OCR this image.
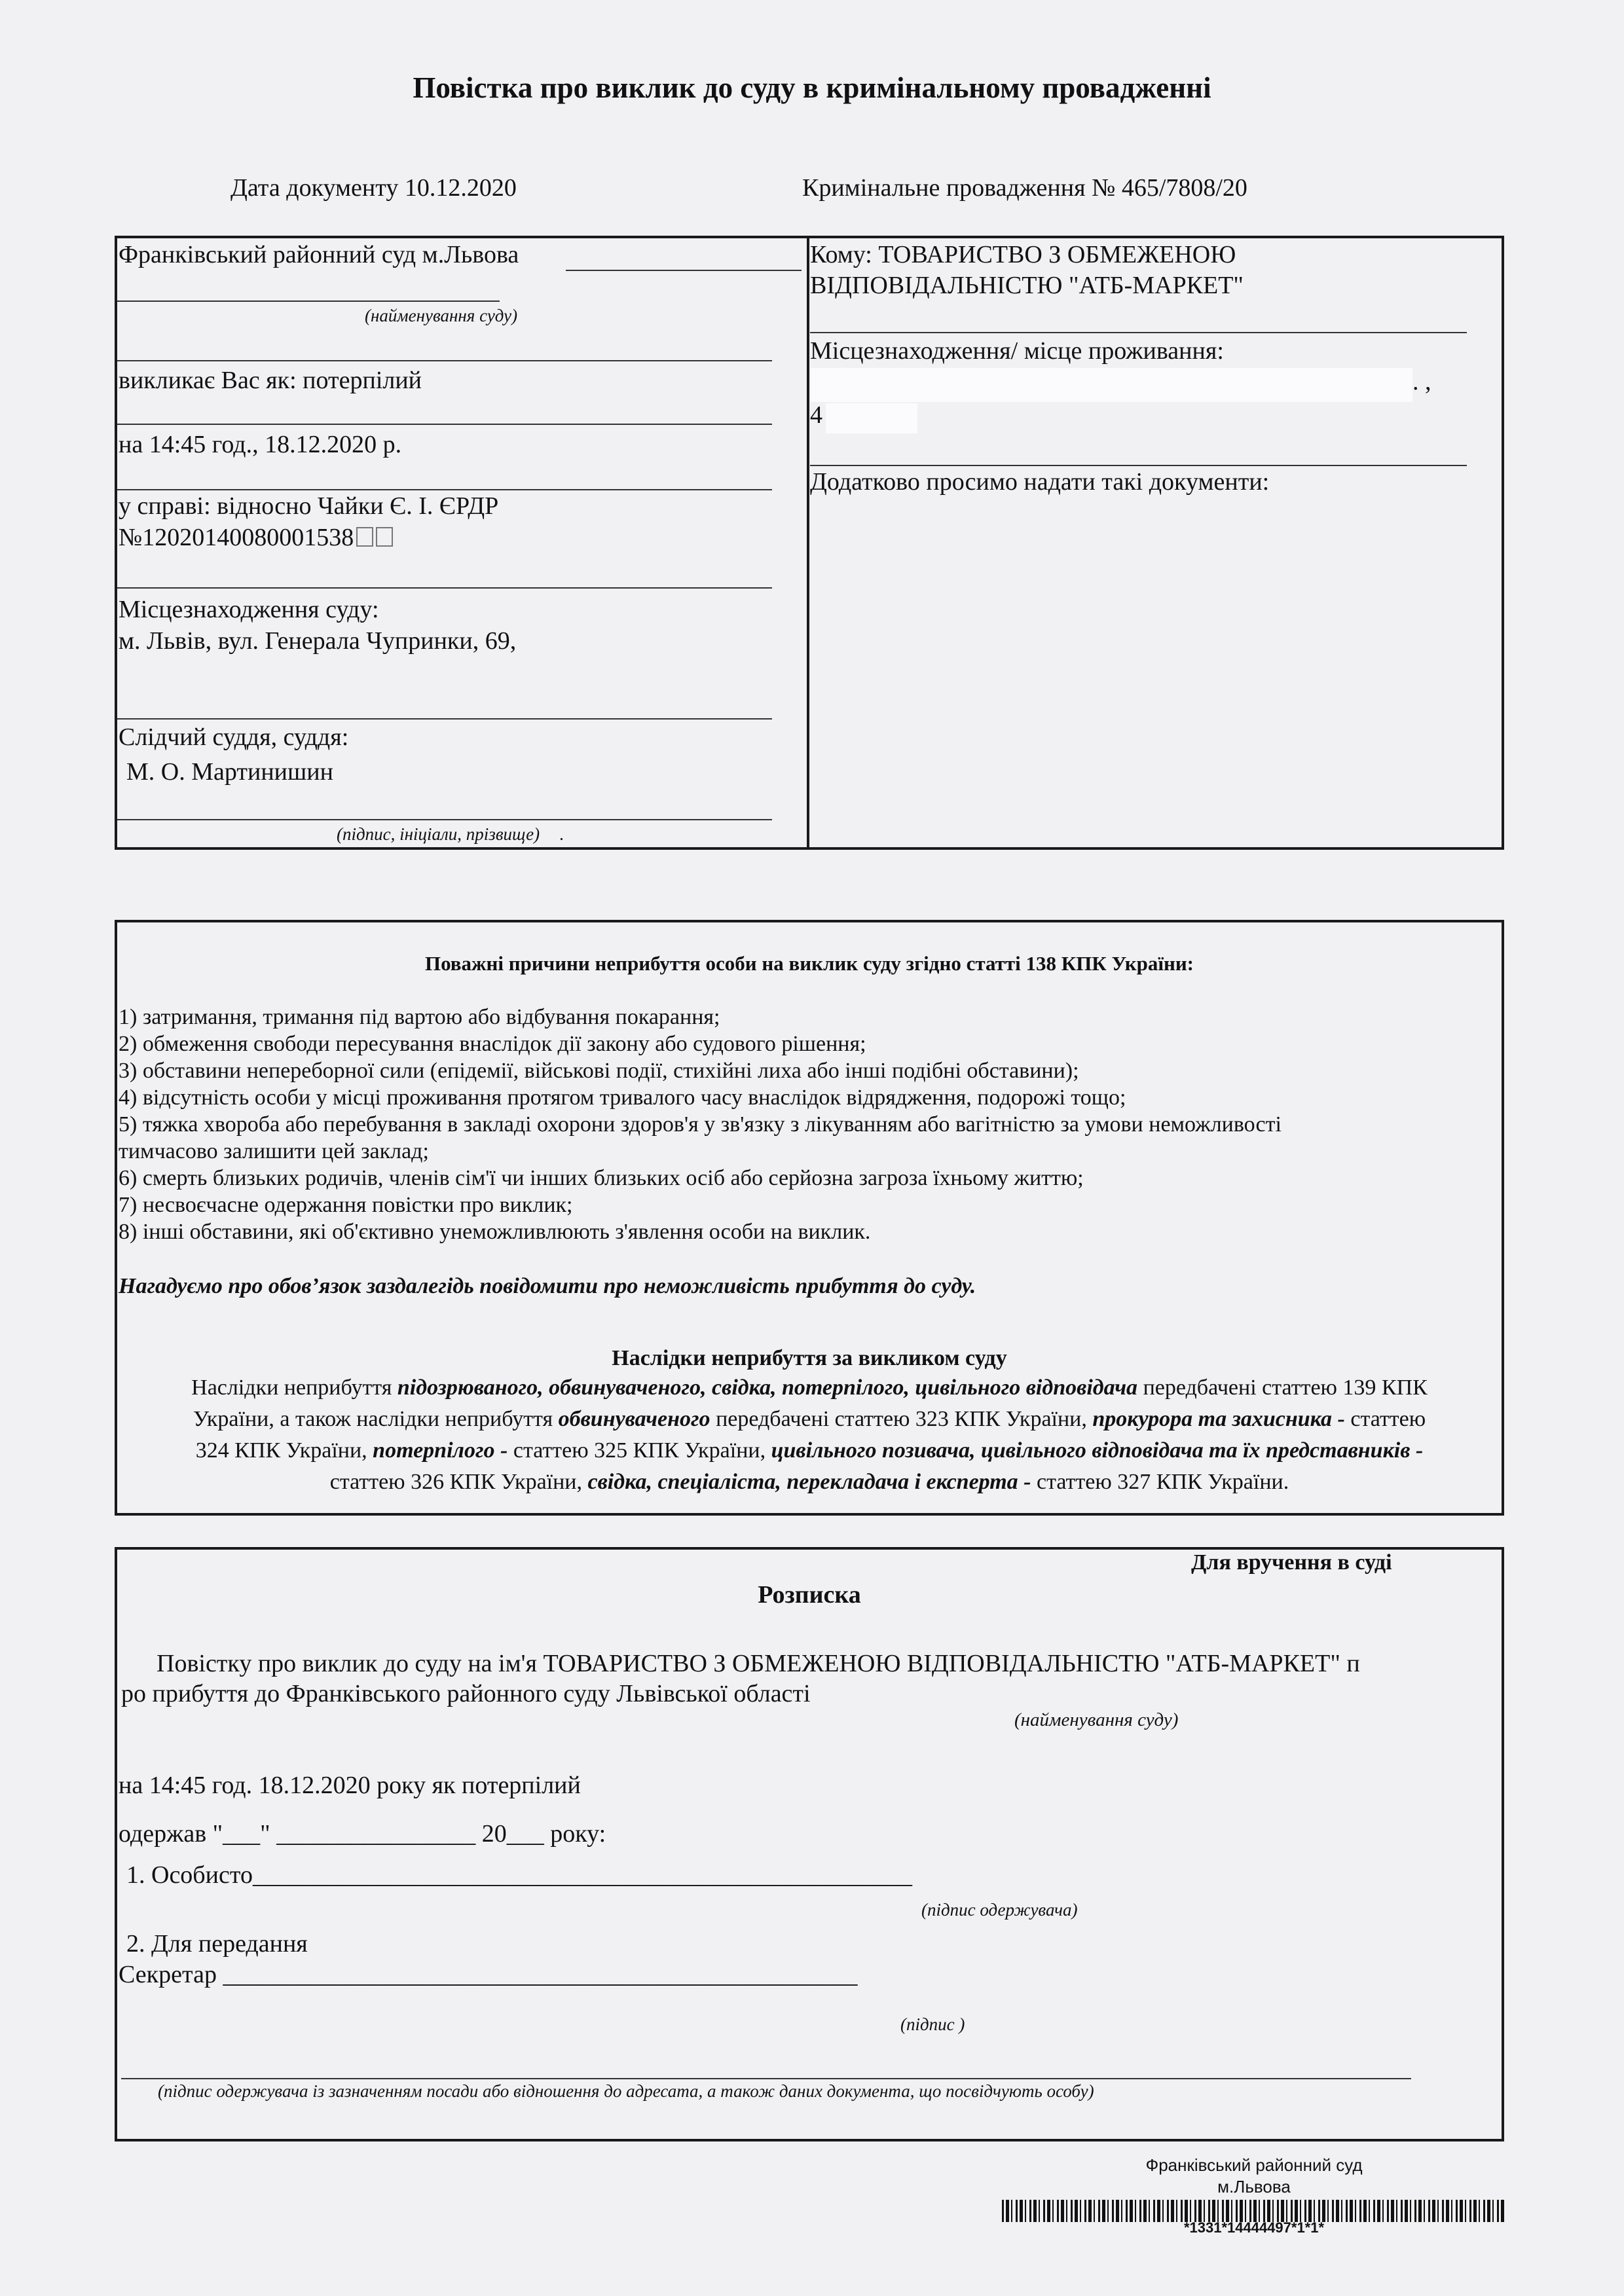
Повістка про виклик до суду в кримінальному провадженні
Дата документу 10.12.2020	Кримінальне провадження № 465/7808/20
Франківський районний суд м.Львова
(найменування суду)
викликає Вас як: потерпілий
на 14:45 год., 18.12.2020 р.
у справі: відносно Чайки Є. І. ЄРДР
№12020140080001538
Місцезнаходження суду:
м. Львів, вул. Генерала Чупринки, 69,
Слідчий суддя, суддя:
М. О. Мартинишин
(підпис, ініціали, прізвище) .
Кому: ТОВАРИСТВО З ОБМЕЖЕНОЮ
ВІДПОВІДАЛЬНІСТЮ "АТБ-МАРКЕТ"
Місцезнаходження/ місце проживання:
. ,
4
Додатково просимо надати такі документи:
Поважні причини неприбуття особи на виклик суду згідно статті 138 КПК України:
1) затримання, тримання під вартою або відбування покарання;
2) обмеження свободи пересування внаслідок дії закону або судового рішення;
3) обставини непереборної сили (епідемії, військові події, стихійні лиха або інші подібні обставини);
4) відсутність особи у місці проживання протягом тривалого часу внаслідок відрядження, подорожі тощо;
5) тяжка хвороба або перебування в закладі охорони здоров'я у зв'язку з лікуванням або вагітністю за умови неможливості
тимчасово залишити цей заклад;
6) смерть близьких родичів, членів сім'ї чи інших близьких осіб або серйозна загроза їхньому життю;
7) несвоєчасне одержання повістки про виклик;
8) інші обставини, які об'єктивно унеможливлюють з'явлення особи на виклик.
Нагадуємо про обов’язок заздалегідь повідомити про неможливість прибуття до суду.
Наслідки неприбуття за викликом суду
Наслідки неприбуття підозрюваного, обвинуваченого, свідка, потерпілого, цивільного відповідача передбачені статтею 139 КПК
України, а також наслідки неприбуття обвинуваченого передбачені статтею 323 КПК України, прокурора та захисника - статтею
324 КПК України, потерпілого - статтею 325 КПК України, цивільного позивача, цивільного відповідача та їх представників -
статтею 326 КПК України, свідка, спеціаліста, перекладача і експерта - статтею 327 КПК України.
Для вручення в суді
Розписка
Повістку про виклик до суду на ім'я ТОВАРИСТВО З ОБМЕЖЕНОЮ ВІДПОВІДАЛЬНІСТЮ "АТБ-МАРКЕТ" п
ро прибуття до Франківського районного суду Львівської області
(найменування суду)
на 14:45 год. 18.12.2020 року як потерпілий
одержав "___" ________________ 20___ року:
1. Особисто_____________________________________________________
(підпис одержувача)
2. Для передання
Секретар ___________________________________________________
(підпис )
(підпис одержувача із зазначенням посади або відношення до адресата, а також даних документа, що посвідчують особу)
Франківський районний суд
м.Львова
*1331*14444497*1*1*
